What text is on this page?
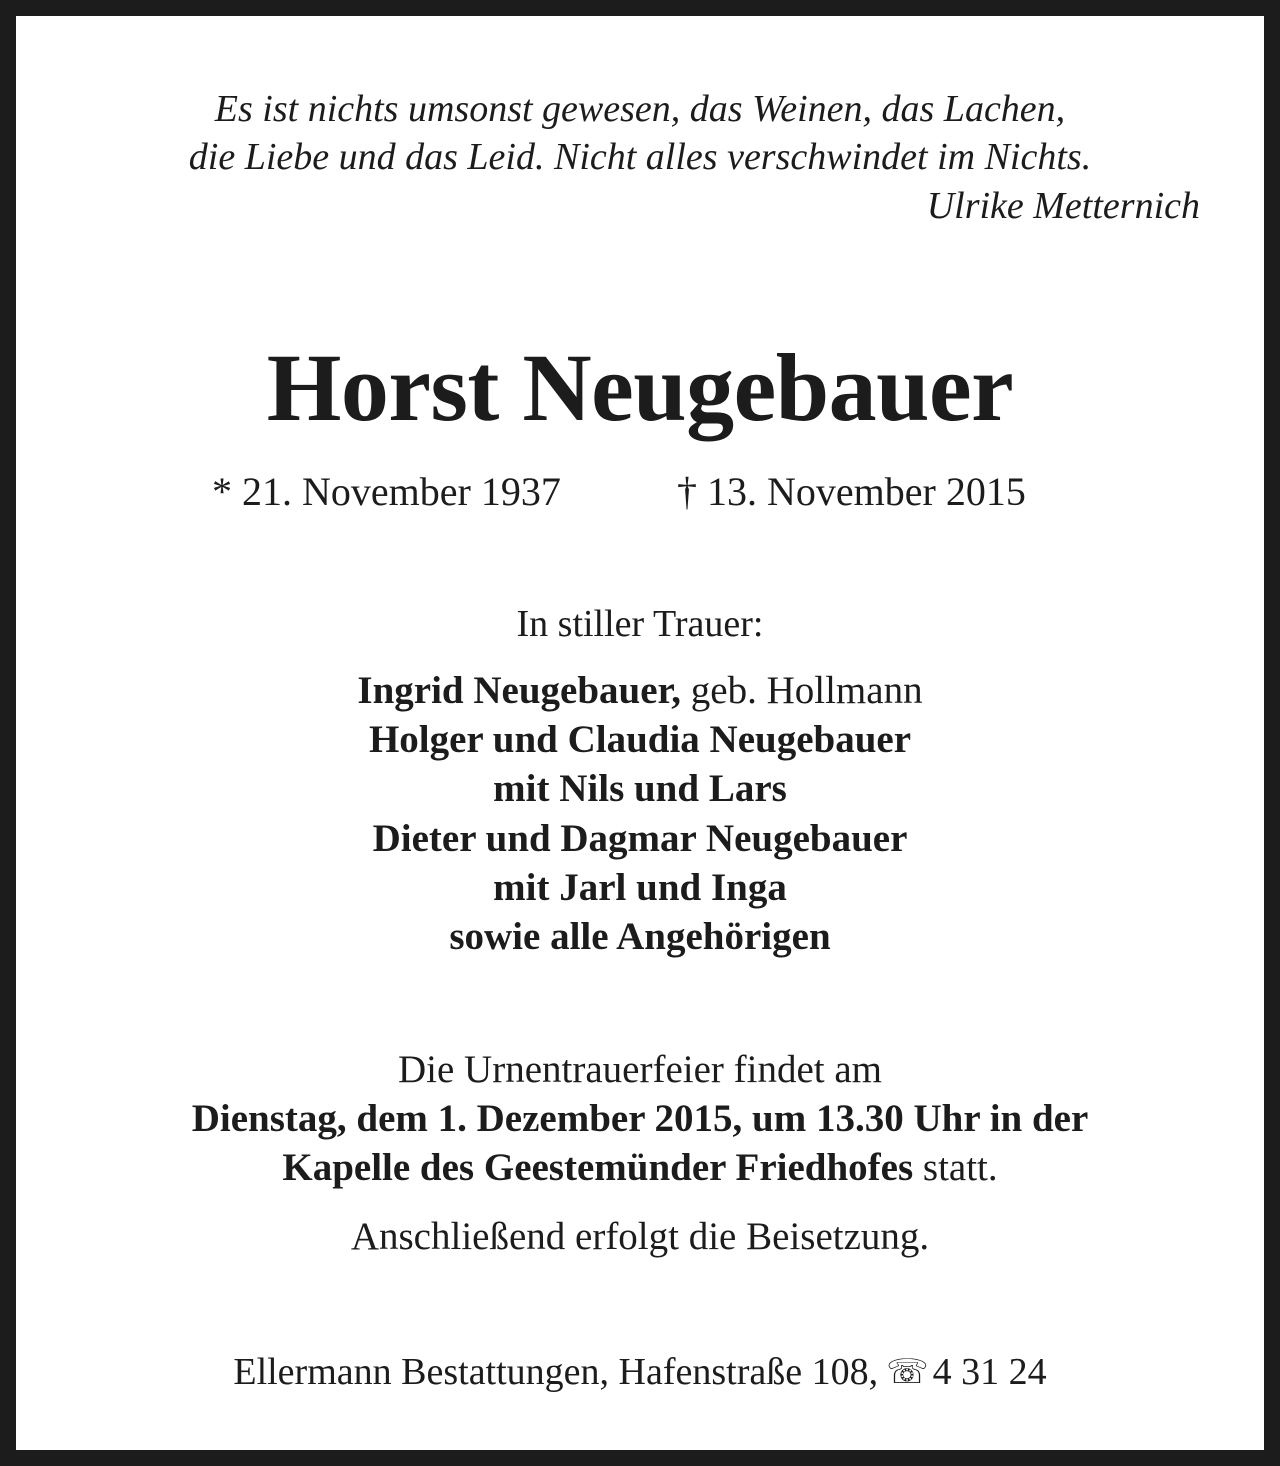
Es ist nichts umsonst gewesen, das Weinen, das Lachen,
die Liebe und das Leid. Nicht alles verschwindet im Nichts.
Ulrike Metternich
Horst Neugebauer
* 21. November 1937	† 13. November 2015
In stiller Trauer:
Ingrid Neugebauer, geb. Hollmann
Holger und Claudia Neugebauer
mit Nils und Lars
Dieter und Dagmar Neugebauer
mit Jarl und Inga
sowie alle Angehörigen
Die Urnentrauerfeier findet am
Dienstag, dem 1. Dezember 2015, um 13.30 Uhr in der
Kapelle des Geestemünder Friedhofes statt.
Anschließend erfolgt die Beisetzung.
Ellermann Bestattungen, Hafenstraße 108, ☏ 4 31 24
